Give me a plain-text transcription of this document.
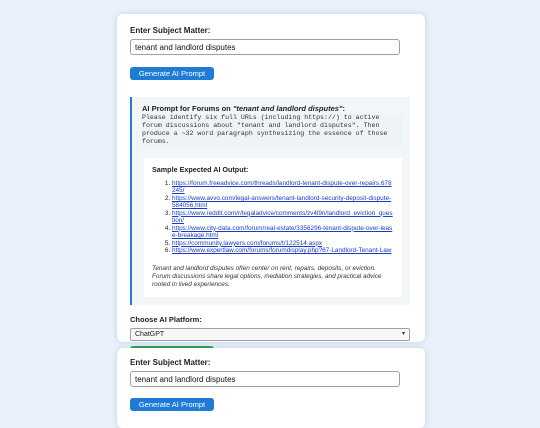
Enter Subject Matter:
tenant and landlord disputes Generate AI Prompt
AI Prompt for Forums on "tenant and landlord disputes":
Please identify six full URLs (including https://) to active forum discussions about "tenant and landlord disputes". Then produce a ~32 word paragraph synthesizing the essence of those forums.
Sample Expected AI Output:
1. https://forum.freeadvice.com/threads/landlord-tenant-dispute-over-repairs.678245/
2. https://www.avvo.com/legal-answers/tenant-landlord-security-deposit-dispute-584056.html
3. https://www.reddit.com/r/legaladvice/comments/zv4l9n/landlord_eviction_question/
4. https://www.city-data.com/forum/real-estate/3356296-tenant-dispute-over-lease-breakage.html
5. https://community.lawyers.com/forums/t/122514.aspx
6. https://www.expertlaw.com/forums/forumdisplay.php?67-Landlord-Tenant-Law
Tenant and landlord disputes often center on rent, repairs, deposits, or eviction. Forum discussions share legal options, mediation strategies, and practical advice rooted in lived experiences.
Choose AI Platform:
ChatGPT	▾
Enter Subject Matter:
tenant and landlord disputes Generate AI Prompt
